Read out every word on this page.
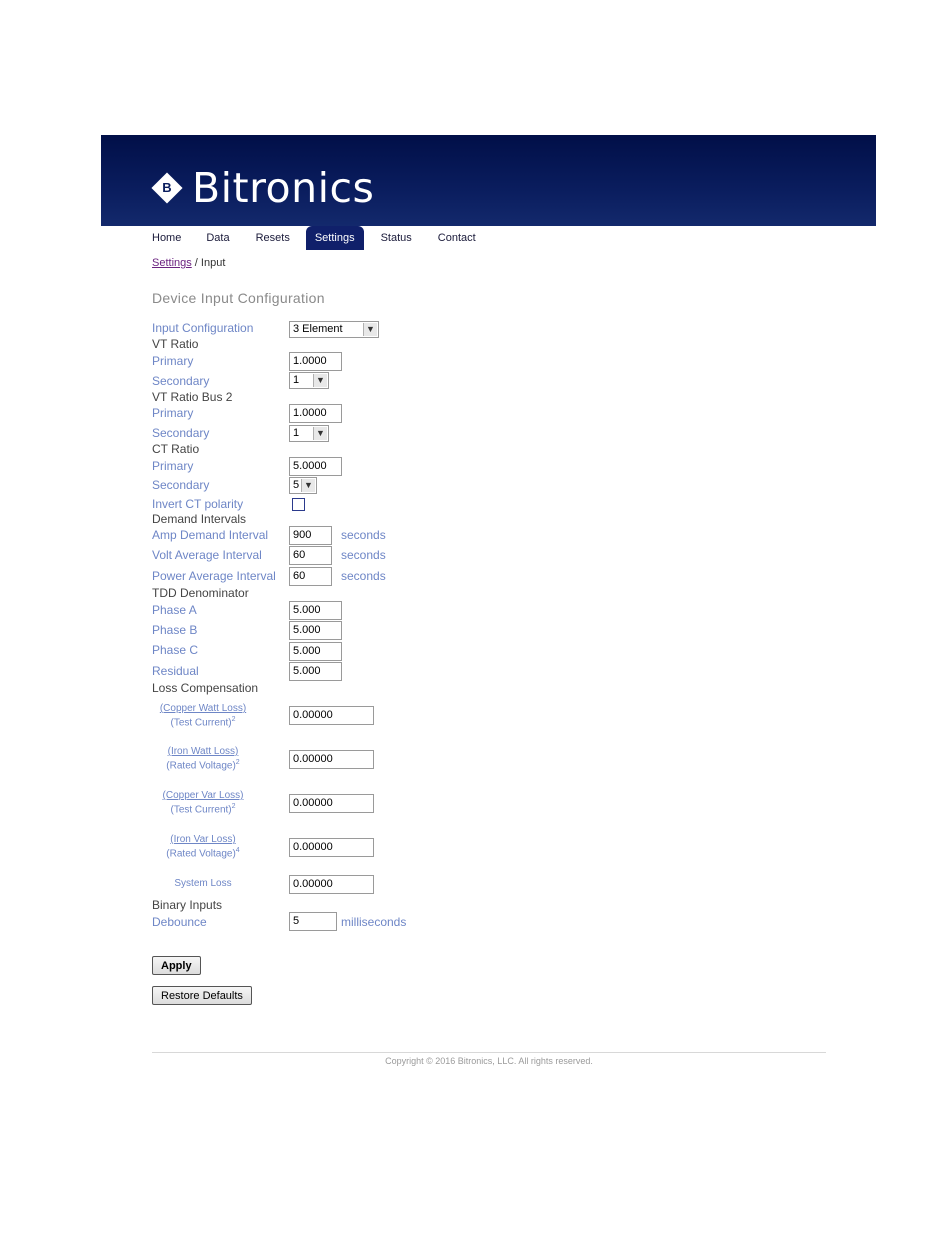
B Bitronics
Home Data Resets	Settings	Status Contact
Settings / Input
Device Input Configuration
Input Configuration	3 Element	▼
VT Ratio
Primary	1.0000
Secondary	1	▼
VT Ratio Bus 2
Primary	1.0000
Secondary	1	▼
CT Ratio
Primary	5.0000
Secondary	5 ▼
Invert CT polarity
Demand Intervals
Amp Demand Interval	900	seconds
Volt Average Interval	60	seconds
Power Average Interval	60	seconds
TDD Denominator
Phase A	5.000
Phase B	5.000
Phase C	5.000
Residual	5.000
Loss Compensation
(Copper Watt Loss)
(Test Current)$^2$	0.00000
(Iron Watt Loss)
(Rated Voltage)$^2$	0.00000
(Copper Var Loss)
(Test Current)$^2$	0.00000
(Iron Var Loss)
(Rated Voltage)$^4$	0.00000
System Loss	0.00000
Binary Inputs
Debounce	5	milliseconds
Apply
Restore Defaults
Copyright © 2016 Bitronics, LLC. All rights reserved.
